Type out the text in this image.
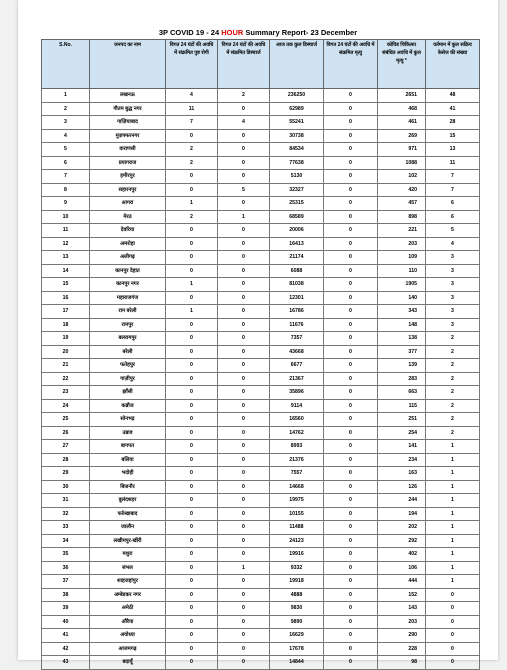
3P COVID 19 - 24 HOUR Summary Report- 23 December
S.No.	जनपद का नाम	विगत 24 घंटों की अवधि में संक्रमित पुष्ट रोगी	विगत 24 घंटों की अवधि में संक्रमित डिस्चार्ज	आज तक कुल डिस्चार्ज	विगत 24 घंटों की अवधि में संक्रमित मृत्यु	कोविड चिकित्सा संबंधित अवधि में कुल मृत्यु *	वर्तमान में कुल सक्रिय केसेज की संख्या
1	लखनऊ	4	2	236250	0	2651	48
2	गौतम बुद्ध नगर	11	0	62989	0	468	41
3	गाज़ियाबाद	7	4	55241	0	461	28
4	मुज़फ्फरनगर	0	0	30738	0	269	15
5	वाराणसी	2	0	84534	0	971	13
6	प्रयागराज	2	0	77638	0	1088	11
7	हमीरपुर	0	0	5130	0	102	7
8	सहारनपुर	0	5	32327	0	420	7
9	आगरा	1	0	25315	0	457	6
10	मेरठ	2	1	68589	0	898	6
11	देवरिया	0	0	20006	0	221	5
12	अमरोहा	0	0	16413	0	203	4
13	अलीगढ़	0	0	21174	0	109	3
14	कानपुर देहात	0	0	6088	0	110	3
15	कानपुर नगर	1	0	81038	0	1905	3
16	महाराजगंज	0	0	12301	0	140	3
17	राम बरेली	1	0	16786	0	343	3
18	रामपुर	0	0	11676	0	148	3
19	बलरामपुर	0	0	7357	0	138	2
20	बरेली	0	0	43668	0	377	2
21	फतेहपुर	0	0	6677	0	139	2
22	गाज़ीपुर	0	0	21367	0	283	2
23	झाँसी	0	0	35896	0	663	2
24	कन्नौज	0	0	9114	0	115	2
25	सोनभद्र	0	0	16560	0	251	2
26	उन्नाव	0	0	14762	0	254	2
27	बागपत	0	0	8993	0	141	1
28	बलिया	0	0	21376	0	234	1
29	भदोही	0	0	7557	0	163	1
30	बिजनौर	0	0	14668	0	126	1
31	बुलंदशहर	0	0	19975	0	244	1
32	फर्रुखाबाद	0	0	10155	0	194	1
33	जालौन	0	0	11488	0	202	1
34	लखीमपुर-खीरी	0	0	24123	0	292	1
35	मथुरा	0	0	19916	0	402	1
36	संभल	0	1	9332	0	106	1
37	शाहजहांपुर	0	0	19918	0	444	1
38	अम्बेडकर नगर	0	0	4888	0	152	0
39	अमेठी	0	0	9830	0	143	0
40	औरैया	0	0	9890	0	203	0
41	अयोध्या	0	0	16629	0	290	0
42	आजमगढ़	0	0	17678	0	228	0
43	बदायूँ	0	0	14844	0	98	0
